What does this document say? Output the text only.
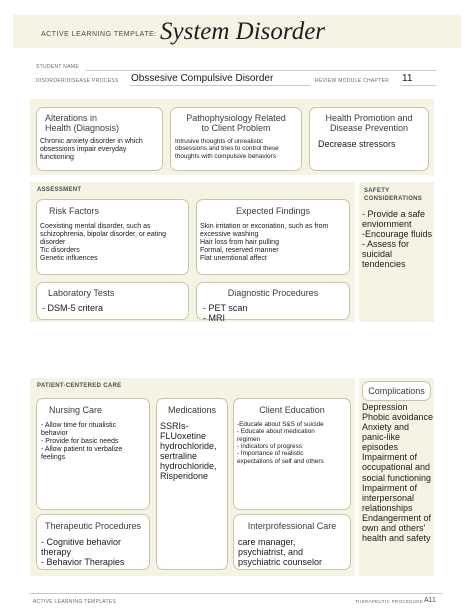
ACTIVE LEARNING TEMPLATE: System Disorder
STUDENT NAME
DISORDER/DISEASE PROCESS Obssesive Compulsive Disorder	REVIEW MODULE CHAPTER 11
Alterations in
Health (Diagnosis)
Chronic anxiety disorder in which
obsessions impair everyday
functioning
Pathophysiology Related
to Client Problem
Intrusive thoughts of unrealistic
obsessions and tries to control these
thoughts with compulsive behaviors
Health Promotion and
Disease Prevention
Decrease stressors
ASSESSMENT
Risk Factors
Coexisting mental disorder, such as
schizophrenia, bipolar disorder, or eating
disorder
Tic disorders
Genetic influences
Expected Findings
Skin irritation or excoriation, such as from
excessive washing
Hair loss from hair pulling
Formal, reserved manner
Flat unemtional affect
Laboratory Tests
- DSM-5 critera
Diagnostic Procedures
- PET scan
- MRI
SAFETY
CONSIDERATIONS
- Provide a safe
enviornment
-Encourage fluids
- Assess for
suicidal
tendencies
PATIENT-CENTERED CARE
Nursing Care
- Allow time for ritualistic
behavior
- Provide for basic needs
- Allow patient to verbalize
feelings
Medications
SSRIs-
FLUoxetine
hydrochloride,
sertraline
hydrochloride,
Risperidone
Client Education
-Educate about S&S of suicide
- Educate about medication
regimen
- indicators of progress
- Importance of realistic
expectations of self and others
Therapeutic Procedures
- Cognitive behavior
therapy
- Behavior Therapies
Interprofessional Care
care manager,
psychiatrist, and
psychiatric counselor
Complications
Depression
Phobic avoidance
Anxiety and
panic-like episodes
Impairment of
occupational and
social functioning
Impairment of
interpersonal
relationships
Endangerment of
own and others'
health and safety
ACTIVE LEARNING TEMPLATES	THERAPEUTIC PROCEDURE A11
